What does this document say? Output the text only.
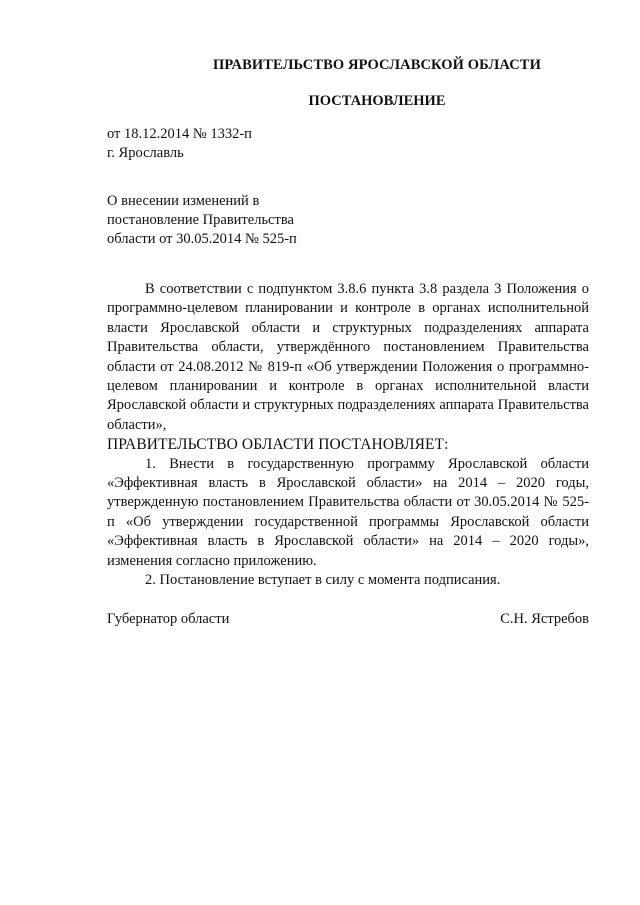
ПРАВИТЕЛЬСТВО ЯРОСЛАВСКОЙ ОБЛАСТИ
ПОСТАНОВЛЕНИЕ
от 18.12.2014 № 1332-п
г. Ярославль
О внесении изменений в
постановление Правительства
области от 30.05.2014 № 525-п

В соответствии с подпунктом 3.8.6 пункта 3.8 раздела 3 Положения о программно-целевом планировании и контроле в органах исполнительной власти Ярославской области и структурных подразделениях аппарата Правительства области, утверждённого постановлением Правительства области от 24.08.2012 № 819-п «Об утверждении Положения о программно-целевом планировании и контроле в органах исполнительной власти Ярославской области и структурных подразделениях аппарата Правительства области»,

ПРАВИТЕЛЬСТВО ОБЛАСТИ ПОСТАНОВЛЯЕТ:

1. Внести в государственную программу Ярославской области «Эффективная власть в Ярославской области» на 2014 – 2020 годы, утвержденную постановлением Правительства области от 30.05.2014 № 525-п «Об утверждении государственной программы Ярославской области «Эффективная власть в Ярославской области» на 2014 – 2020 годы», изменения согласно приложению.

2. Постановление вступает в силу с момента подписания.

Губернатор области	С.Н. Ястребов
